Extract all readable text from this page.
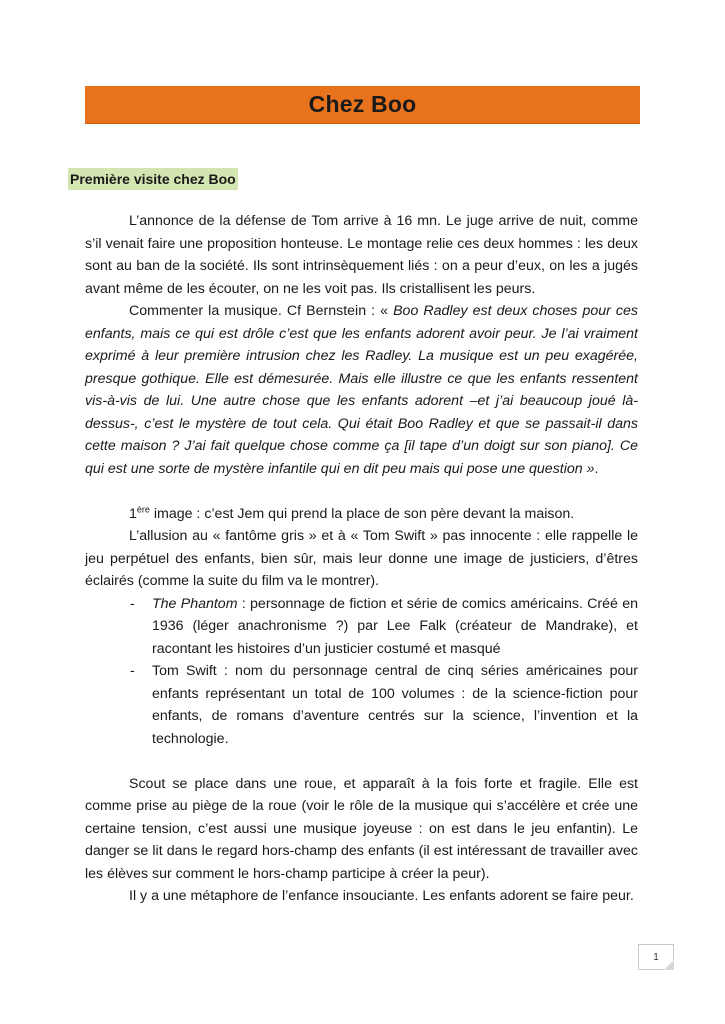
Chez Boo
Première visite chez Boo

L’annonce de la défense de Tom arrive à 16 mn. Le juge arrive de nuit, comme s’il venait faire une proposition honteuse. Le montage relie ces deux hommes : les deux sont au ban de la société. Ils sont intrinsèquement liés : on a peur d’eux, on les a jugés avant même de les écouter, on ne les voit pas. Ils cristallisent les peurs.

Commenter la musique. Cf Bernstein : « Boo Radley est deux choses pour ces enfants, mais ce qui est drôle c’est que les enfants adorent avoir peur. Je l’ai vraiment exprimé à leur première intrusion chez les Radley. La musique est un peu exagérée, presque gothique. Elle est démesurée. Mais elle illustre ce que les enfants ressentent vis-à-vis de lui. Une autre chose que les enfants adorent –et j’ai beaucoup joué là-dessus-, c’est le mystère de tout cela. Qui était Boo Radley et que se passait-il dans cette maison ? J’ai fait quelque chose comme ça [il tape d’un doigt sur son piano]. Ce qui est une sorte de mystère infantile qui en dit peu mais qui pose une question ».

1ère image : c’est Jem qui prend la place de son père devant la maison.

L’allusion au « fantôme gris » et à « Tom Swift » pas innocente : elle rappelle le jeu perpétuel des enfants, bien sûr, mais leur donne une image de justiciers, d’êtres éclairés (comme la suite du film va le montrer).

- The Phantom : personnage de fiction et série de comics américains. Créé en 1936 (léger anachronisme ?) par Lee Falk (créateur de Mandrake), et racontant les histoires d’un justicier costumé et masqué
- Tom Swift : nom du personnage central de cinq séries américaines pour enfants représentant un total de 100 volumes : de la science-fiction pour enfants, de romans d’aventure centrés sur la science, l’invention et la technologie.

Scout se place dans une roue, et apparaît à la fois forte et fragile. Elle est comme prise au piège de la roue (voir le rôle de la musique qui s’accélère et crée une certaine tension, c’est aussi une musique joyeuse : on est dans le jeu enfantin). Le danger se lit dans le regard hors-champ des enfants (il est intéressant de travailler avec les élèves sur comment le hors-champ participe à créer la peur).

Il y a une métaphore de l’enfance insouciante. Les enfants adorent se faire peur.

1
